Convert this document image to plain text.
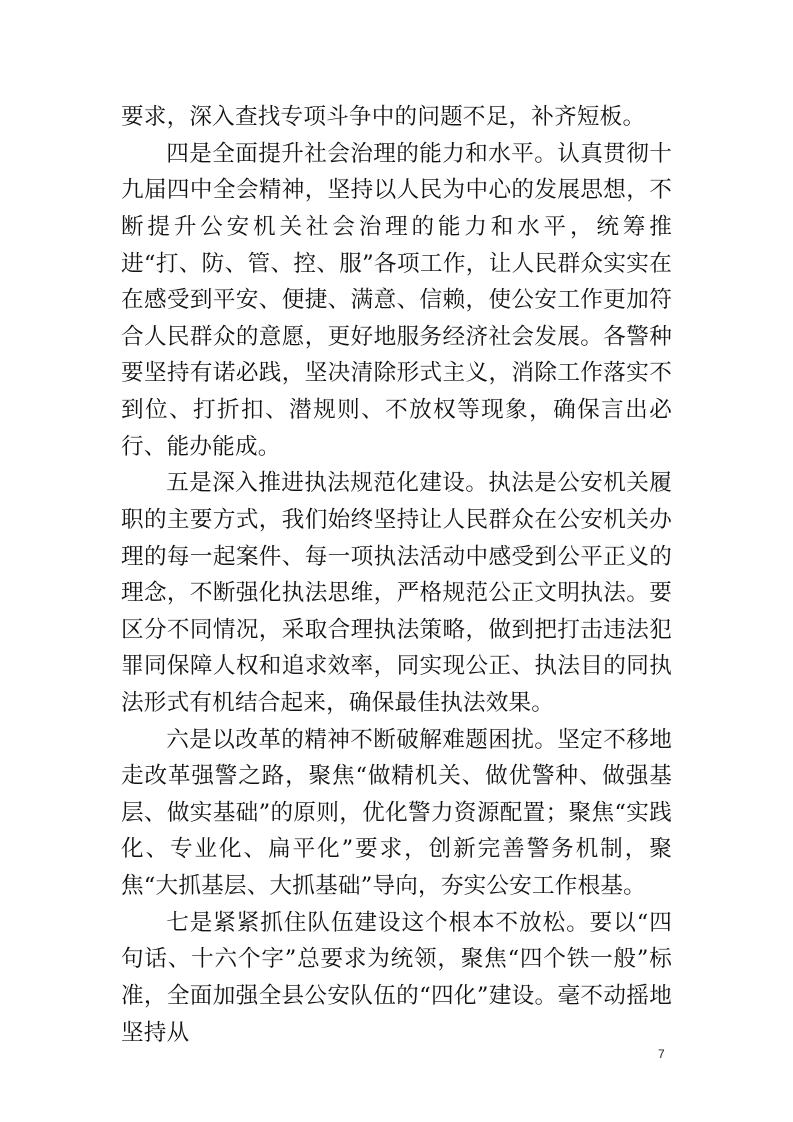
要求，深入查找专项斗争中的问题不足，补齐短板。

四是全面提升社会治理的能力和水平。认真贯彻十九届四中全会精神，坚持以人民为中心的发展思想，不断提升公安机关社会治理的能力和水平，统筹推进“打、防、管、控、服”各项工作，让人民群众实实在在感受到平安、便捷、满意、信赖，使公安工作更加符合人民群众的意愿，更好地服务经济社会发展。各警种要坚持有诺必践，坚决清除形式主义，消除工作落实不到位、打折扣、潜规则、不放权等现象，确保言出必行、能办能成。

五是深入推进执法规范化建设。执法是公安机关履职的主要方式，我们始终坚持让人民群众在公安机关办理的每一起案件、每一项执法活动中感受到公平正义的理念，不断强化执法思维，严格规范公正文明执法。要区分不同情况，采取合理执法策略，做到把打击违法犯罪同保障人权和追求效率，同实现公正、执法目的同执法形式有机结合起来，确保最佳执法效果。

六是以改革的精神不断破解难题困扰。坚定不移地走改革强警之路，聚焦“做精机关、做优警种、做强基层、做实基础”的原则，优化警力资源配置；聚焦“实践化、专业化、扁平化”要求，创新完善警务机制，聚焦“大抓基层、大抓基础”导向，夯实公安工作根基。

七是紧紧抓住队伍建设这个根本不放松。要以“四句话、十六个字”总要求为统领，聚焦“四个铁一般”标准，全面加强全县公安队伍的“四化”建设。毫不动摇地坚持从

7
